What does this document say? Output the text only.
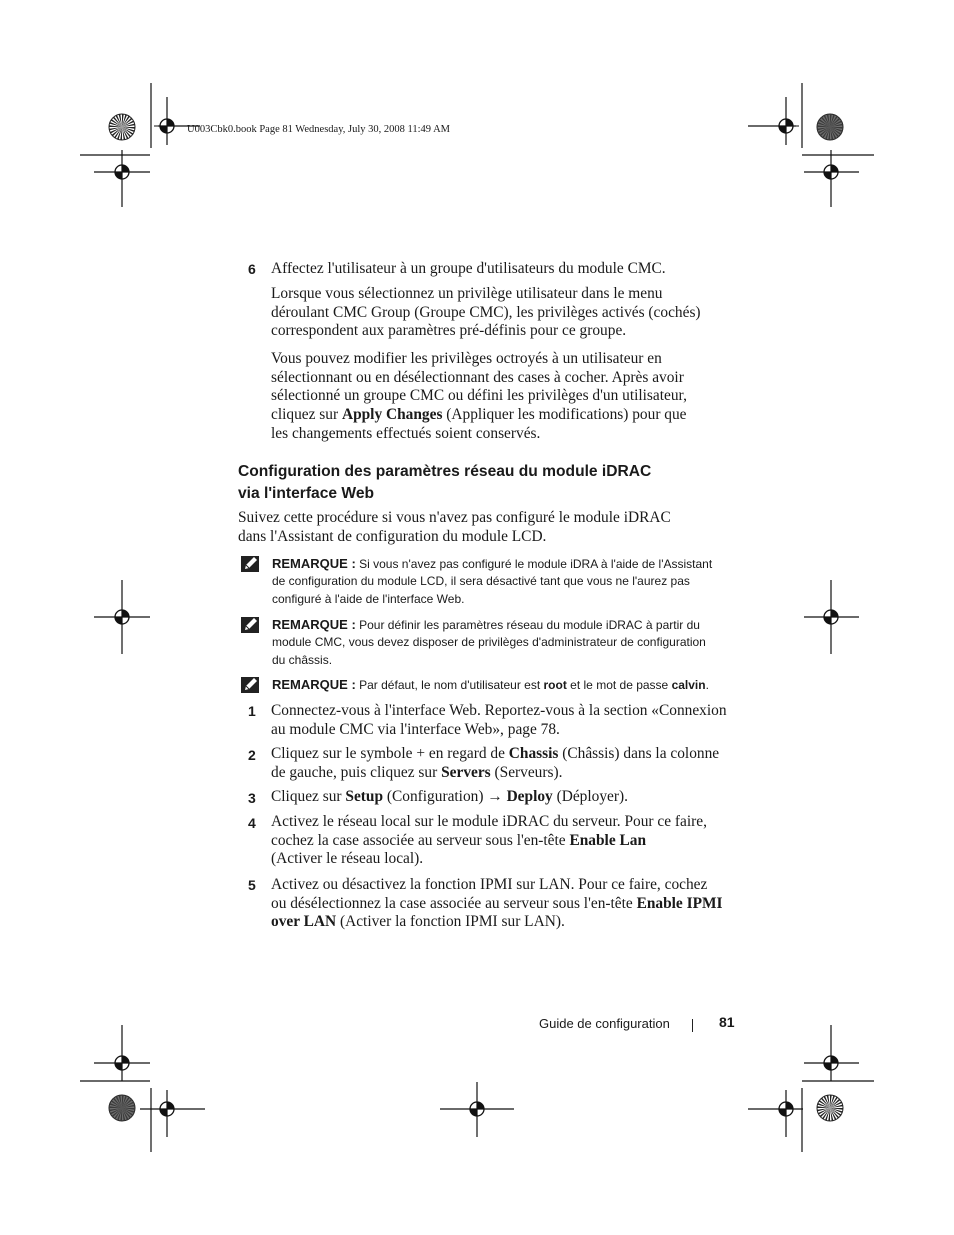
U003Cbk0.book Page 81 Wednesday, July 30, 2008 11:49 AM
6 Affectez l'utilisateur à un groupe d'utilisateurs du module CMC.
Lorsque vous sélectionnez un privilège utilisateur dans le menu
déroulant CMC Group (Groupe CMC), les privilèges activés (cochés)
correspondent aux paramètres pré-définis pour ce groupe.
Vous pouvez modifier les privilèges octroyés à un utilisateur en
sélectionnant ou en désélectionnant des cases à cocher. Après avoir
sélectionné un groupe CMC ou défini les privilèges d'un utilisateur,
cliquez sur Apply Changes (Appliquer les modifications) pour que
les changements effectués soient conservés.
Configuration des paramètres réseau du module iDRAC
via l'interface Web
Suivez cette procédure si vous n'avez pas configuré le module iDRAC
dans l'Assistant de configuration du module LCD.
REMARQUE : Si vous n'avez pas configuré le module iDRA à l'aide de l'Assistant
de configuration du module LCD, il sera désactivé tant que vous ne l'aurez pas
configuré à l'aide de l'interface Web.
REMARQUE : Pour définir les paramètres réseau du module iDRAC à partir du
module CMC, vous devez disposer de privilèges d'administrateur de configuration
du châssis.
REMARQUE : Par défaut, le nom d'utilisateur est root et le mot de passe calvin.
1 Connectez-vous à l'interface Web. Reportez-vous à la section «Connexion
au module CMC via l'interface Web», page 78.
2 Cliquez sur le symbole + en regard de Chassis (Châssis) dans la colonne
de gauche, puis cliquez sur Servers (Serveurs).
3 Cliquez sur Setup (Configuration) → Deploy (Déployer).
4 Activez le réseau local sur le module iDRAC du serveur. Pour ce faire,
cochez la case associée au serveur sous l'en-tête Enable Lan
(Activer le réseau local).
5 Activez ou désactivez la fonction IPMI sur LAN. Pour ce faire, cochez
ou désélectionnez la case associée au serveur sous l'en-tête Enable IPMI
over LAN (Activer la fonction IPMI sur LAN).
Guide de configuration	81
